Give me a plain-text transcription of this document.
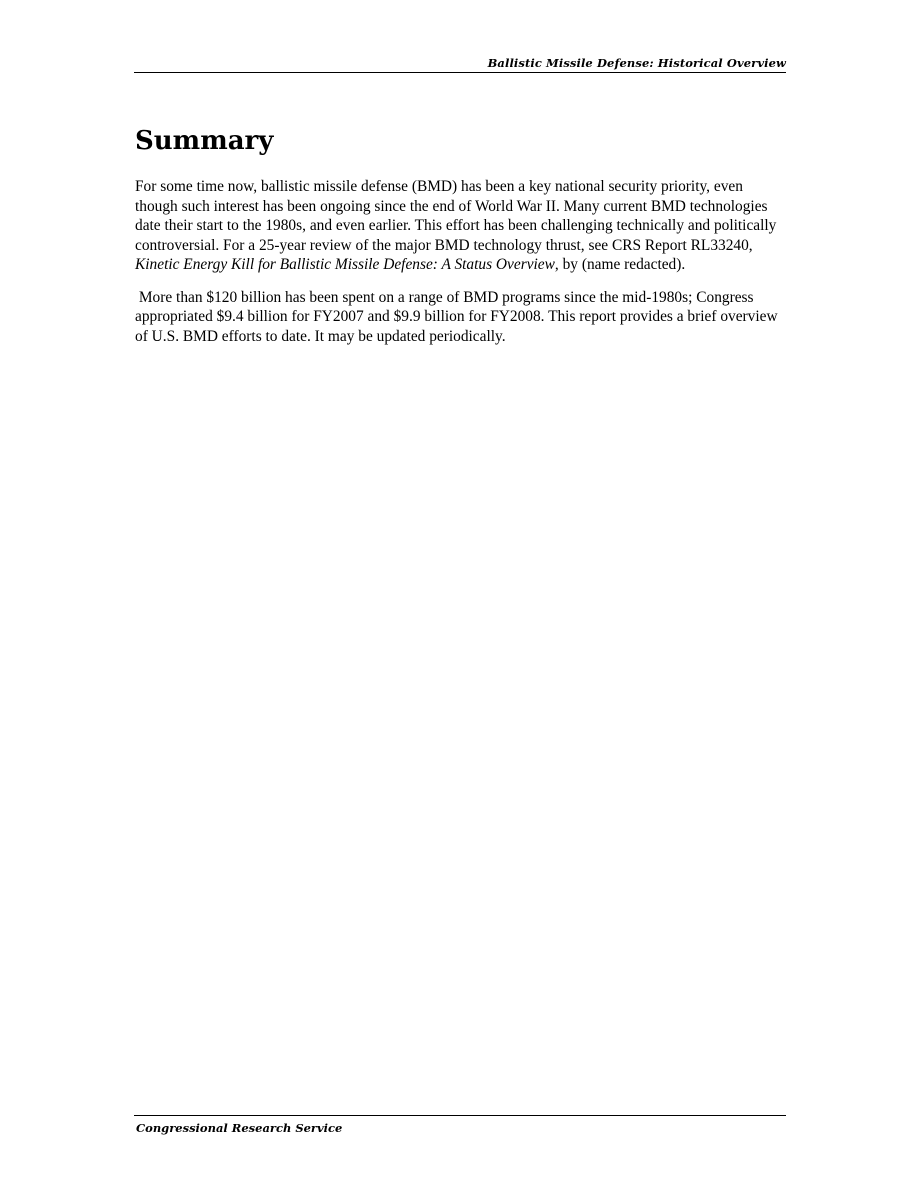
Ballistic Missile Defense: Historical Overview
Summary

For some time now, ballistic missile defense (BMD) has been a key national security priority, even though such interest has been ongoing since the end of World War II. Many current BMD technologies date their start to the 1980s, and even earlier. This effort has been challenging technically and politically controversial. For a 25-year review of the major BMD technology thrust, see CRS Report RL33240, Kinetic Energy Kill for Ballistic Missile Defense: A Status Overview, by (name redacted).

More than $120 billion has been spent on a range of BMD programs since the mid-1980s; Congress appropriated $9.4 billion for FY2007 and $9.9 billion for FY2008. This report provides a brief overview of U.S. BMD efforts to date. It may be updated periodically.

Congressional Research Service
